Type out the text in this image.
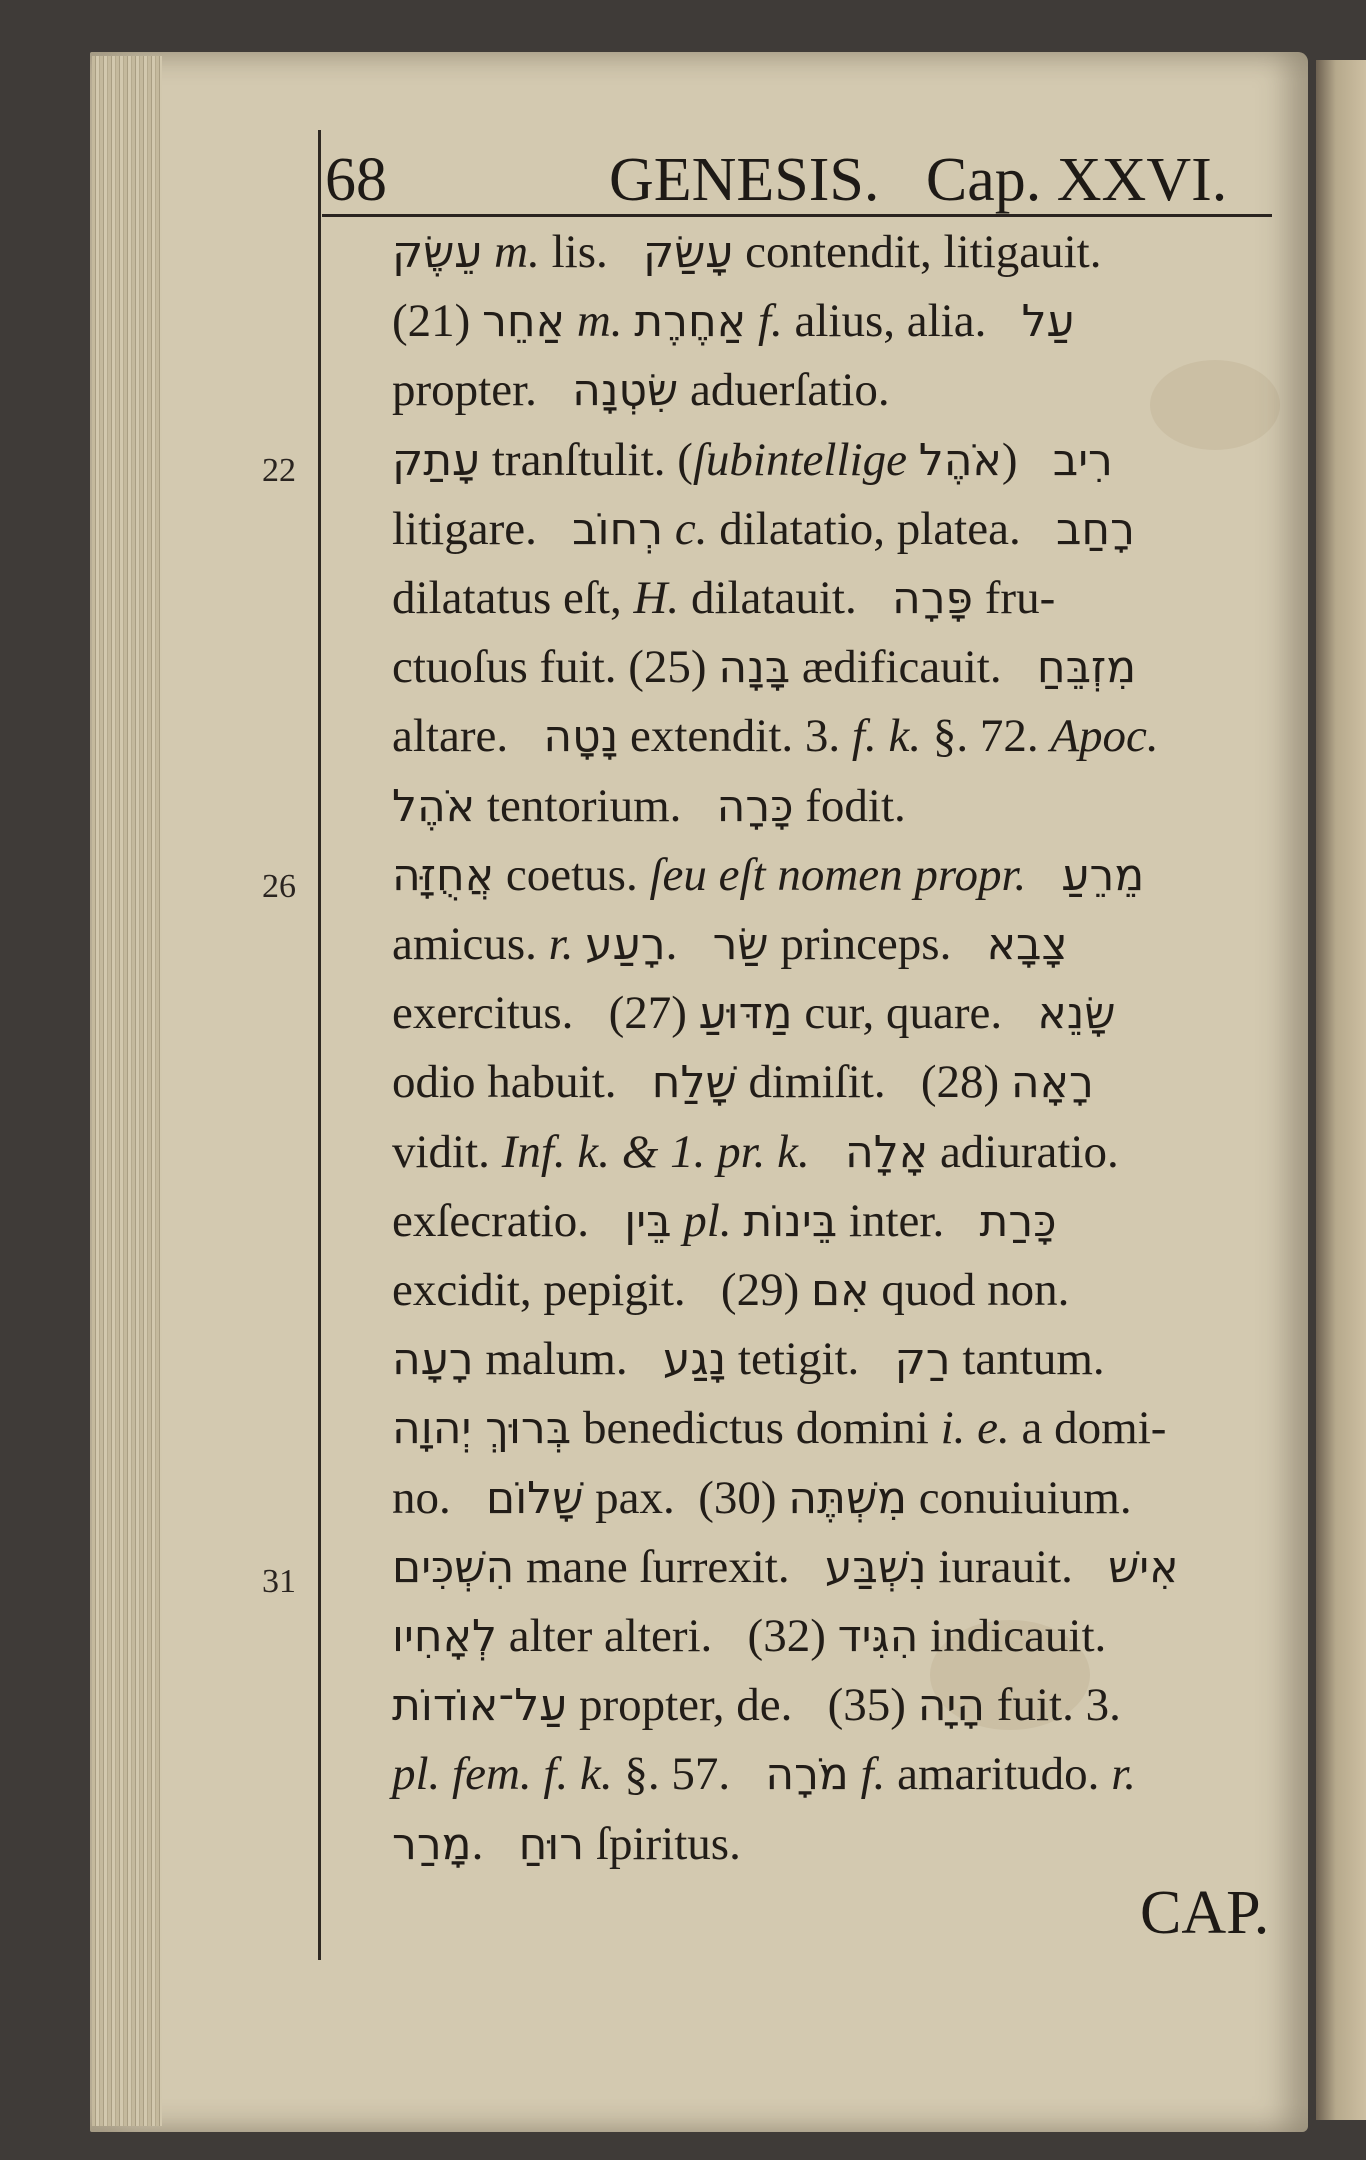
68	GENESIS.   Cap. XXVI.
22
26
31
עֵשֶׂק m. lis.   עָשַׂק contendit, litigauit.
(21) אַחֵר m. אַחֶרֶת f. alius, alia.   עַל
propter.   שִׂטְנָה aduerſatio.
עָתַק tranſtulit. (ſubintellige אֹהֶל)   רִיב
litigare.   רְחוֹב c. dilatatio, platea.   רָחַב
dilatatus eſt, H. dilatauit.   פָּרָה fru-
ctuoſus fuit. (25) בָּנָה ædificauit.   מִזְבֵּחַ
altare.   נָטָה extendit. 3. f. k. §. 72. Apoc.
אֹהֶל tentorium.   כָּרָה fodit.
אֲחֻזָּה coetus. ſeu eſt nomen propr. מֵרֵעַ
amicus. r. רָעַע.   שַׂר princeps.   צָבָא
exercitus.   (27) מַדּוּעַ cur, quare.   שָׂנֵא
odio habuit.   שָׁלַח dimiſit.   (28) רָאָה
vidit. Inf. k. & 1. pr. k. אָלָה adiuratio.
exſecratio.   בֵּין pl. בֵּינוֹת inter.   כָּרַת
excidit, pepigit.   (29) אִם quod non.
רָעָה malum.   נָגַע tetigit.   רַק tantum.
בְּרוּךְ יְהוָה benedictus domini i. e. a domi-
no.   שָׁלוֹם pax.  (30) מִשְׁתֶּה conuiuium.
הִשְׁכִּים mane ſurrexit.   נִשְׁבַּע iurauit.   אִישׁ
לְאָחִיו alter alteri.   (32) הִגִּיד indicauit.
עַל־אוֹדוֹת propter, de.   (35) הָיָה fuit. 3.
pl. fem. f. k. §. 57.   מֹרָה f. amaritudo. r.
מָרַר.   רוּחַ ſpiritus.
CAP.
